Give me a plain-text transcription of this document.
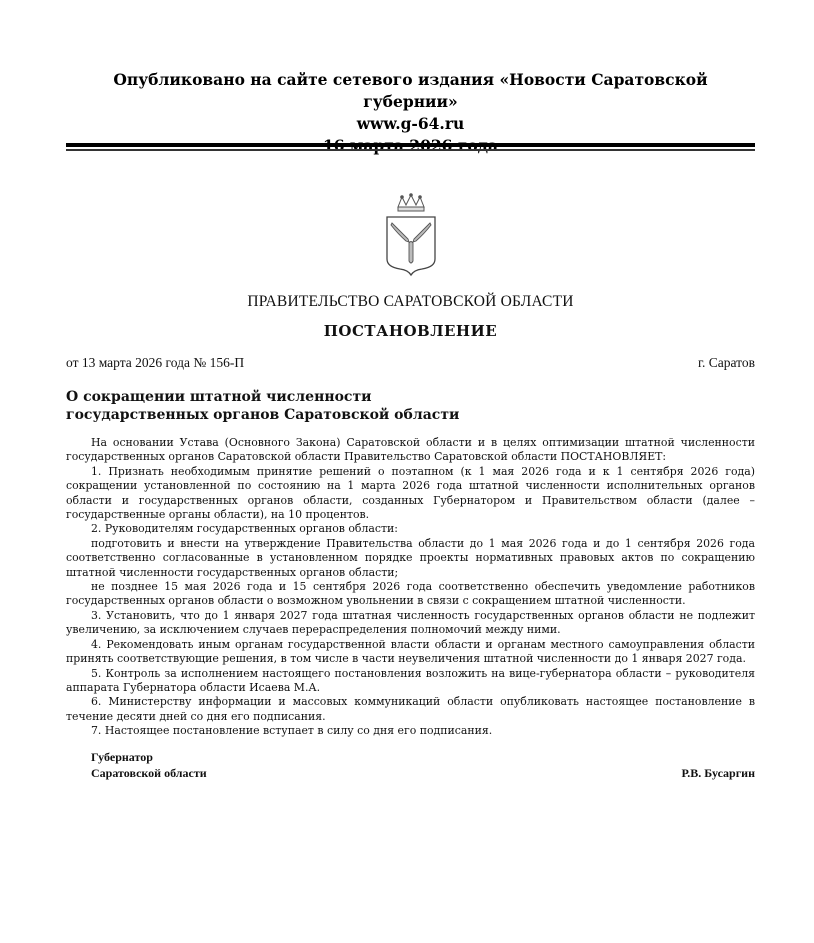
Опубликовано на сайте сетевого издания «Новости Саратовской губернии»
www.g-64.ru
ПРАВИТЕЛЬСТВО САРАТОВСКОЙ ОБЛАСТИ
ПОСТАНОВЛЕНИЕ
от 13 марта 2026 года № 156-П	г. Саратов
О сокращении штатной численности
государственных органов Саратовской области

На основании Устава (Основного Закона) Саратовской области и в целях оптимизации штатной численности государственных органов Саратовской области Правительство Саратовской области ПОСТАНОВЛЯЕТ:

1. Признать необходимым принятие решений о поэтапном (к 1 мая 2026 года и к 1 сентября 2026 года) сокращении установленной по состоянию на 1 марта 2026 года штатной численности исполнительных органов области и государственных органов области, созданных Губернатором и Правительством области (далее – государственные органы области), на 10 процентов.

2. Руководителям государственных органов области:

подготовить и внести на утверждение Правительства области до 1 мая 2026 года и до 1 сентября 2026 года соответственно согласованные в установленном порядке проекты нормативных правовых актов по сокращению штатной численности государственных органов области;

не позднее 15 мая 2026 года и 15 сентября 2026 года соответственно обеспечить уведомление работников государственных органов области о возможном увольнении в связи с сокращением штатной численности.

3. Установить, что до 1 января 2027 года штатная численность государственных органов области не подлежит увеличению, за исключением случаев перераспределения полномочий между ними.

4. Рекомендовать иным органам государственной власти области и органам местного самоуправления области принять соответствующие решения, в том числе в части неувеличения штатной численности до 1 января 2027 года.

5. Контроль за исполнением настоящего постановления возложить на вице-губернатора области – руководителя аппарата Губернатора области Исаева М.А.

6. Министерству информации и массовых коммуникаций области опубликовать настоящее постановление в течение десяти дней со дня его подписания.

7. Настоящее постановление вступает в силу со дня его подписания.

Губернатор
Саратовской области	Р.В. Бусаргин
